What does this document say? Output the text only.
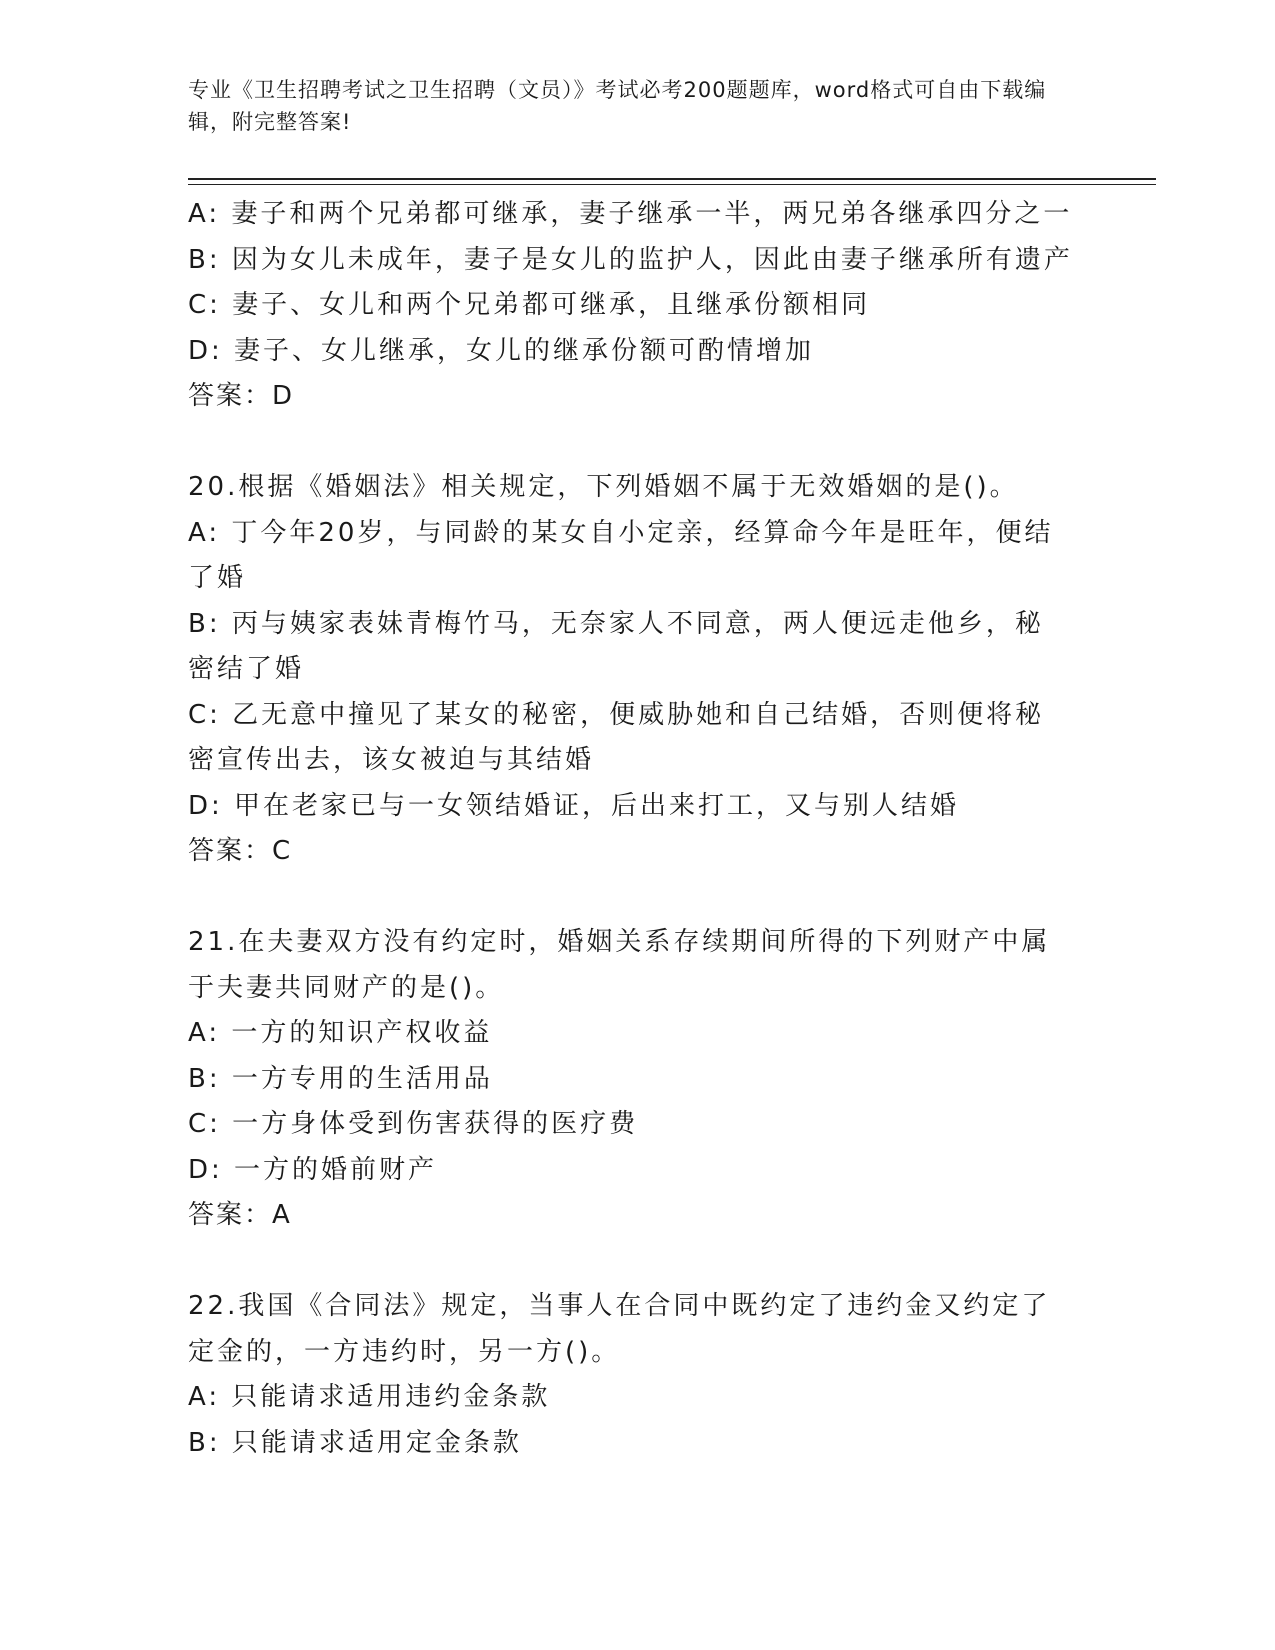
专业《卫生招聘考试之卫生招聘（文员）》考试必考200题题库，word格式可自由下载编辑，附完整答案!
A: 妻子和两个兄弟都可继承，妻子继承一半，两兄弟各继承四分之一
B: 因为女儿未成年，妻子是女儿的监护人，因此由妻子继承所有遗产
C: 妻子、女儿和两个兄弟都可继承，且继承份额相同
D: 妻子、女儿继承，女儿的继承份额可酌情增加
答案：D
20.根据《婚姻法》相关规定，下列婚姻不属于无效婚姻的是()。
A: 丁今年20岁，与同龄的某女自小定亲，经算命今年是旺年，便结了婚
B: 丙与姨家表妹青梅竹马，无奈家人不同意，两人便远走他乡，秘密结了婚
C: 乙无意中撞见了某女的秘密，便威胁她和自己结婚，否则便将秘密宣传出去，该女被迫与其结婚
D: 甲在老家已与一女领结婚证，后出来打工，又与别人结婚
答案：C
21.在夫妻双方没有约定时，婚姻关系存续期间所得的下列财产中属于夫妻共同财产的是()。
A: 一方的知识产权收益
B: 一方专用的生活用品
C: 一方身体受到伤害获得的医疗费
D: 一方的婚前财产
答案：A
22.我国《合同法》规定，当事人在合同中既约定了违约金又约定了定金的，一方违约时，另一方()。
A: 只能请求适用违约金条款
B: 只能请求适用定金条款
